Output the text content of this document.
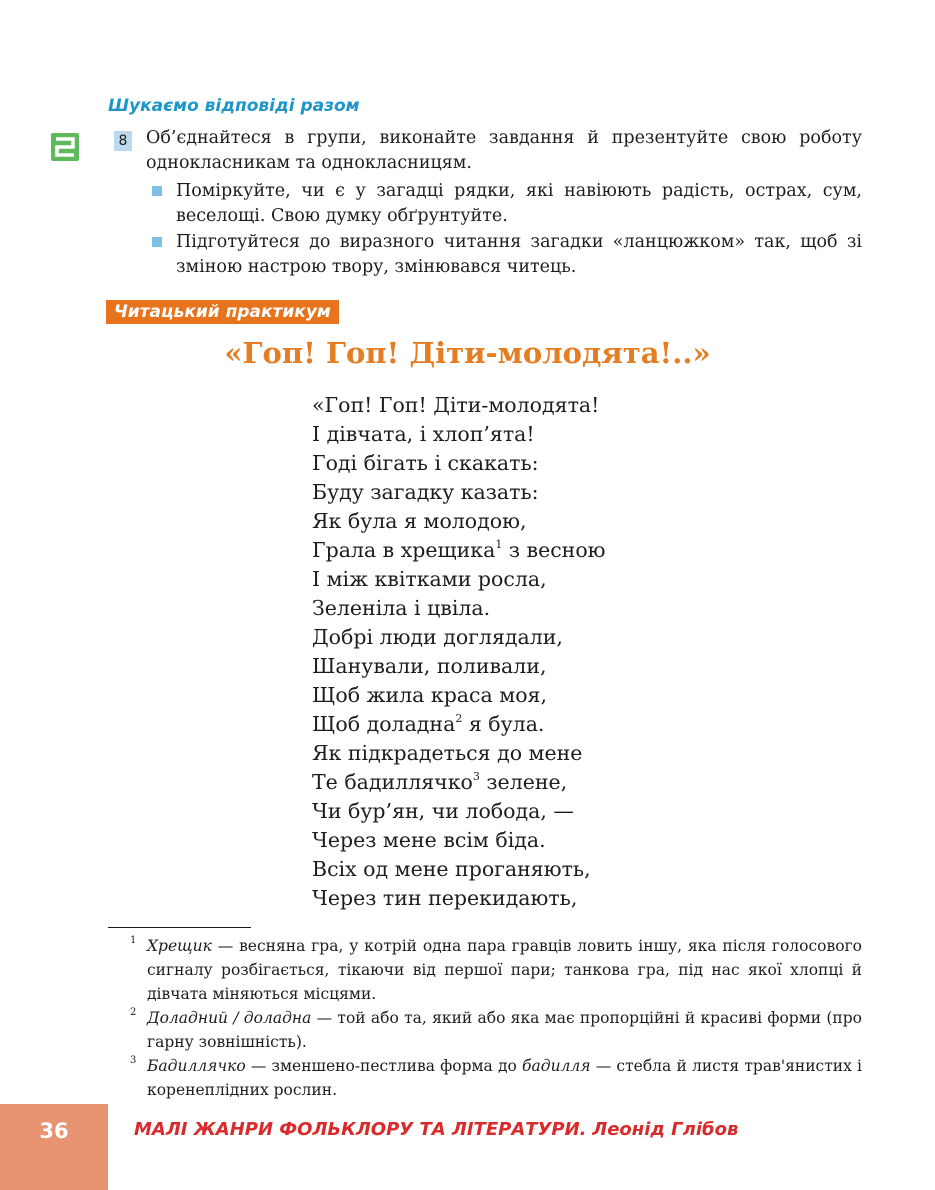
Шукаємо відповіді разом
8 Об’єднайтеся в групи, виконайте завдання й презентуйте свою роботу однокласникам та однокласницям.

Поміркуйте, чи є у загадці рядки, які навіюють радість, острах, сум, веселощі. Свою думку обґрунтуйте.

Підготуйтеся до виразного читання загадки «ланцюжком» так, щоб зі зміною настрою твору, змінювався читець.

Читацький практикум
«Гоп! Гоп! Діти-молодята!..»
«Гоп! Гоп! Діти-молодята!
І дівчата, і хлоп’ята!
Годі бігать і скакать:
Буду загадку казать:
Як була я молодою,
Грала в хрещика$^1$ з весною
І між квітками росла,
Зеленіла і цвіла.
Добрі люди доглядали,
Шанували, поливали,
Щоб жила краса моя,
Щоб доладна$^2$ я була.
Як підкрадеться до мене
Те бадиллячко$^3$ зелене,
Чи бур’ян, чи лобода, —
Через мене всім біда.
Всіх од мене проганяють,
Через тин перекидають,

1 Хрещик — весняна гра, у котрій одна пара гравців ловить іншу, яка після голосового сигналу розбігається, тікаючи від першої пари; танкова гра, під нас якої хлопці й дівчата міняються місцями.

2 Доладний / доладна — той або та, який або яка має пропорційні й красиві форми (про гарну зовнішність).

3 Бадиллячко — зменшено-пестлива форма до бадилля — стебла й листя трав'янистих і коренеплідних рослин.

36	МАЛІ ЖАНРИ ФОЛЬКЛОРУ ТА ЛІТЕРАТУРИ. Леонід Глібов
